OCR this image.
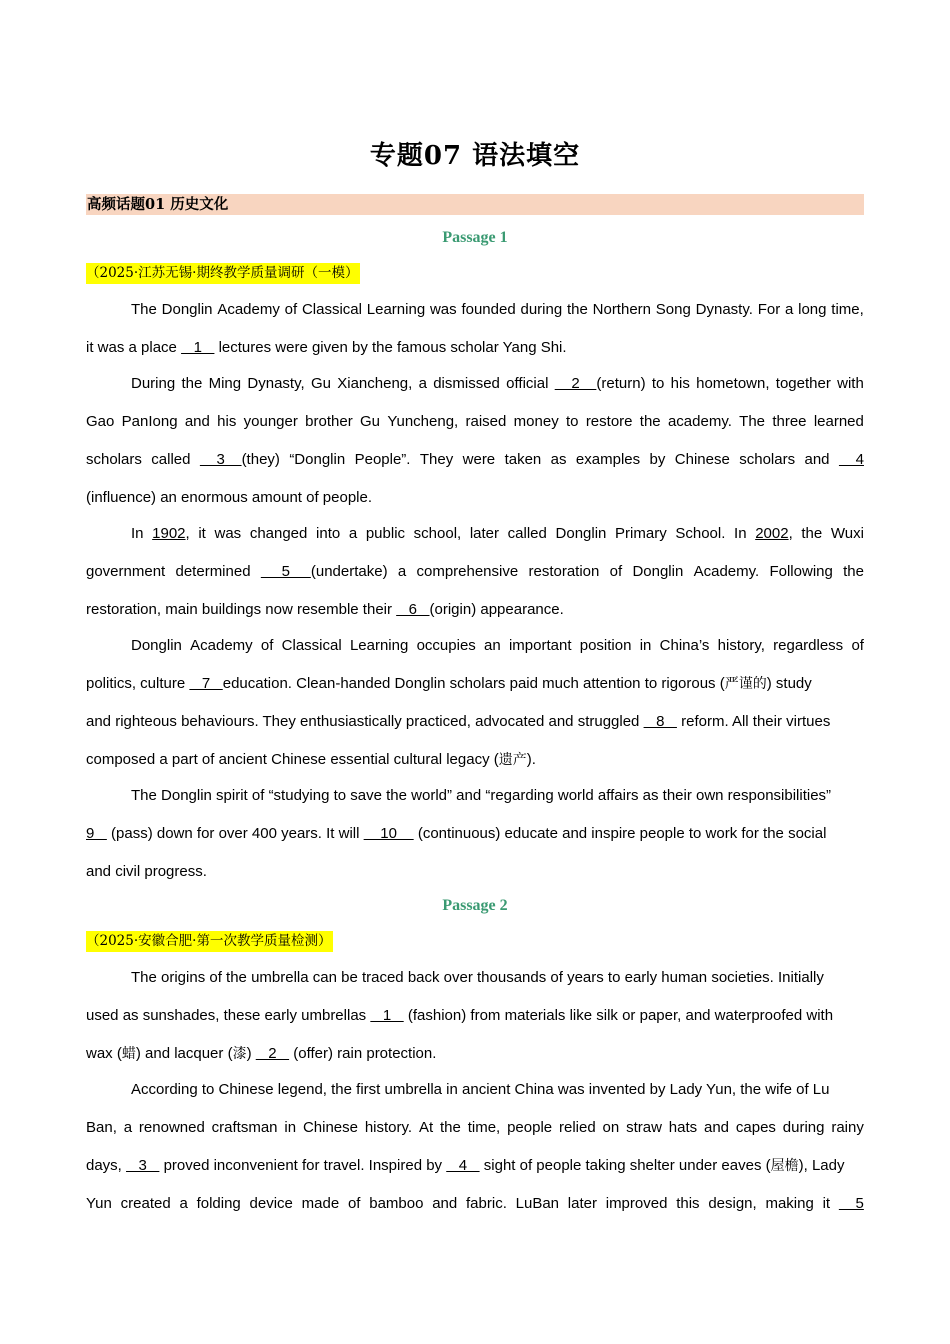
专题07 语法填空
高频话题01 历史文化
Passage 1
（2025·江苏无锡·期终教学质量调研（一模）
The Donglin Academy of Classical Learning was founded during the Northern Song Dynasty. For a long time,
it was a place    1    lectures were given by the famous scholar Yang Shi.
During the Ming Dynasty, Gu Xiancheng, a dismissed official 2    (return) to his hometown, together with
Gao PanIong and his younger brother Gu Yuncheng, raised money to restore the academy. The three learned
scholars called 3    (they) “Donglin People”. They were taken as examples by Chinese scholars and 4
(influence) an enormous amount of people.
In 1902, it was changed into a public school, later called Donglin Primary School. In 2002, the Wuxi
government determined 5     (undertake) a comprehensive restoration of Donglin Academy. Following the
restoration, main buildings now resemble their    6   (origin) appearance.
Donglin Academy of Classical Learning occupies an important position in China’s history, regardless of
politics, culture    7   education. Clean-handed Donglin scholars paid much attention to rigorous (严谨的) study
and righteous behaviours. They enthusiastically practiced, advocated and struggled    8    reform. All their virtues
composed a part of ancient Chinese essential cultural legacy (遗产).
The Donglin spirit of “studying to save the world” and “regarding world affairs as their own responsibilities”
9    (pass) down for over 400 years. It will     10     (continuous) educate and inspire people to work for the social
and civil progress.
Passage 2
（2025·安徽合肥·第一次教学质量检测）
The origins of the umbrella can be traced back over thousands of years to early human societies. Initially
used as sunshades, these early umbrellas    1    (fashion) from materials like silk or paper, and waterproofed with
wax (蜡) and lacquer (漆)    2    (offer) rain protection.
According to Chinese legend, the first umbrella in ancient China was invented by Lady Yun, the wife of Lu
Ban, a renowned craftsman in Chinese history. At the time, people relied on straw hats and capes during rainy
days,    3    proved inconvenient for travel. Inspired by    4    sight of people taking shelter under eaves (屋檐), Lady
Yun created a folding device made of bamboo and fabric. LuBan later improved this design, making it 5
